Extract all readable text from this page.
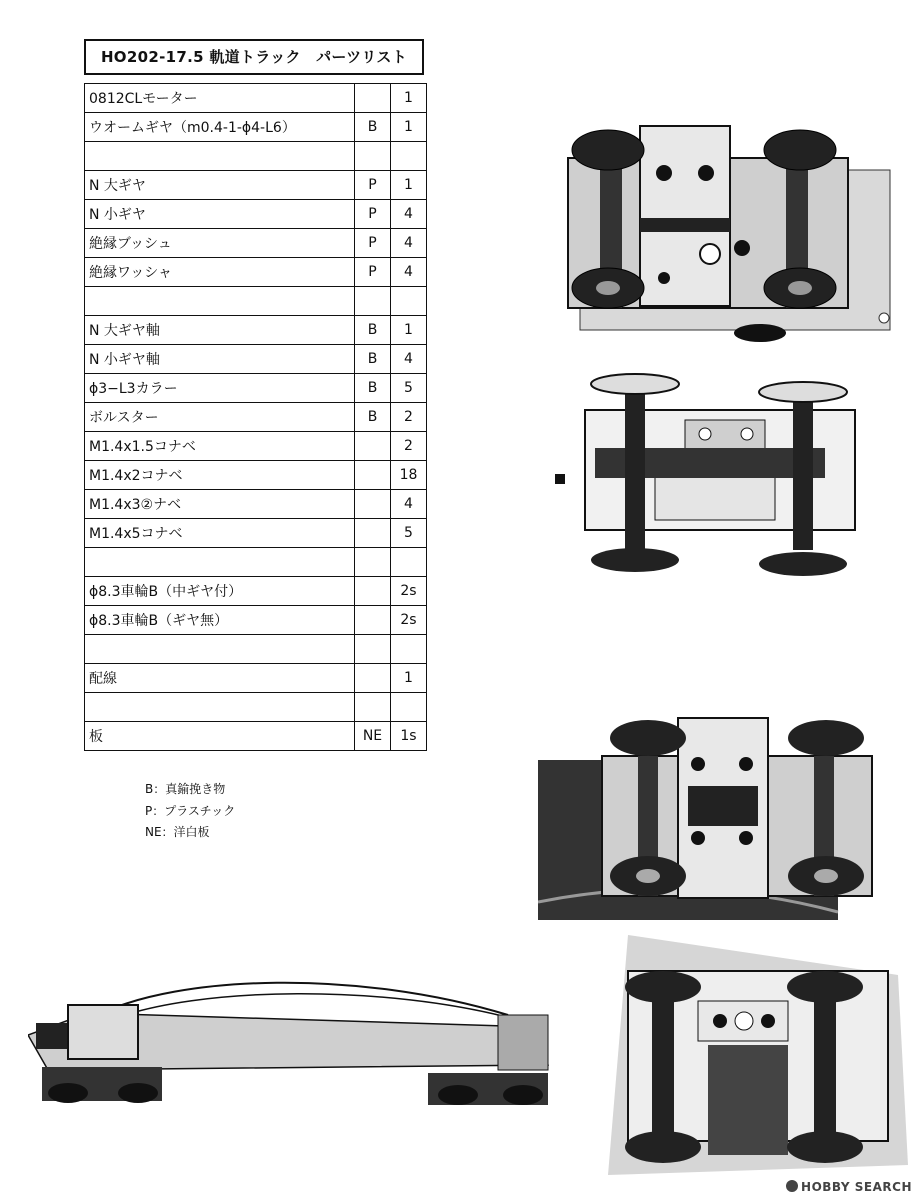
HO202-17.5 軌道トラック　パーツリスト
0812CLモーター		1
ウオームギヤ（m0.4-1-ϕ4-L6）	B	1

N 大ギヤ	P	1
N 小ギヤ	P	4
絶縁ブッシュ	P	4
絶縁ワッシャ	P	4

N 大ギヤ軸	B	1
N 小ギヤ軸	B	4
ϕ3−L3カラー	B	5
ボルスター	B	2
M1.4x1.5コナベ		2
M1.4x2コナベ		18
M1.4x3②ナベ		4
M1.4x5コナベ		5

ϕ8.3車輪B（中ギヤ付）		2s
ϕ8.3車輪B（ギヤ無）		2s

配線		1

板	NE	1s
B：真鍮挽き物
P：プラスチック
NE：洋白板
HOBBY SEARCH
